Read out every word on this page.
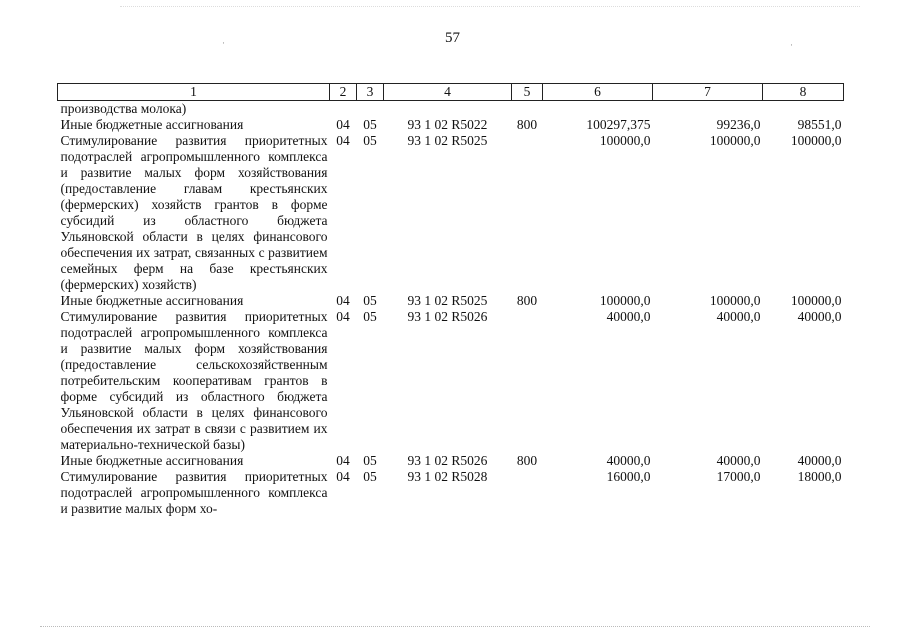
57
·	·
1	2	3	4	5	6	7	8
производства молока)							
Иные бюджетные ассигнования	04	05	93 1 02 R5022	800	100297,375	99236,0	98551,0
Стимулирование развития приоритетных подотраслей агропромышленного комплекса и развитие малых форм хозяйствования (предоставление главам крестьянских (фермерских) хозяйств грантов в форме субсидий из областного бюджета Ульяновской области в целях финансового обеспечения их затрат, связанных с развитием семейных ферм на базе крестьянских (фермерских) хозяйств)	04	05	93 1 02 R5025		100000,0	100000,0	100000,0
Иные бюджетные ассигнования	04	05	93 1 02 R5025	800	100000,0	100000,0	100000,0
Стимулирование развития приоритетных подотраслей агропромышленного комплекса и развитие малых форм хозяйствования (предоставление сельскохозяйственным потребительским кооперативам грантов в форме субсидий из областного бюджета Ульяновской области в целях финансового обеспечения их затрат в связи с развитием их материально-технической базы)	04	05	93 1 02 R5026		40000,0	40000,0	40000,0
Иные бюджетные ассигнования	04	05	93 1 02 R5026	800	40000,0	40000,0	40000,0
Стимулирование развития приоритетных подотраслей агропромышленного комплекса и развитие малых форм хо-	04	05	93 1 02 R5028		16000,0	17000,0	18000,0
